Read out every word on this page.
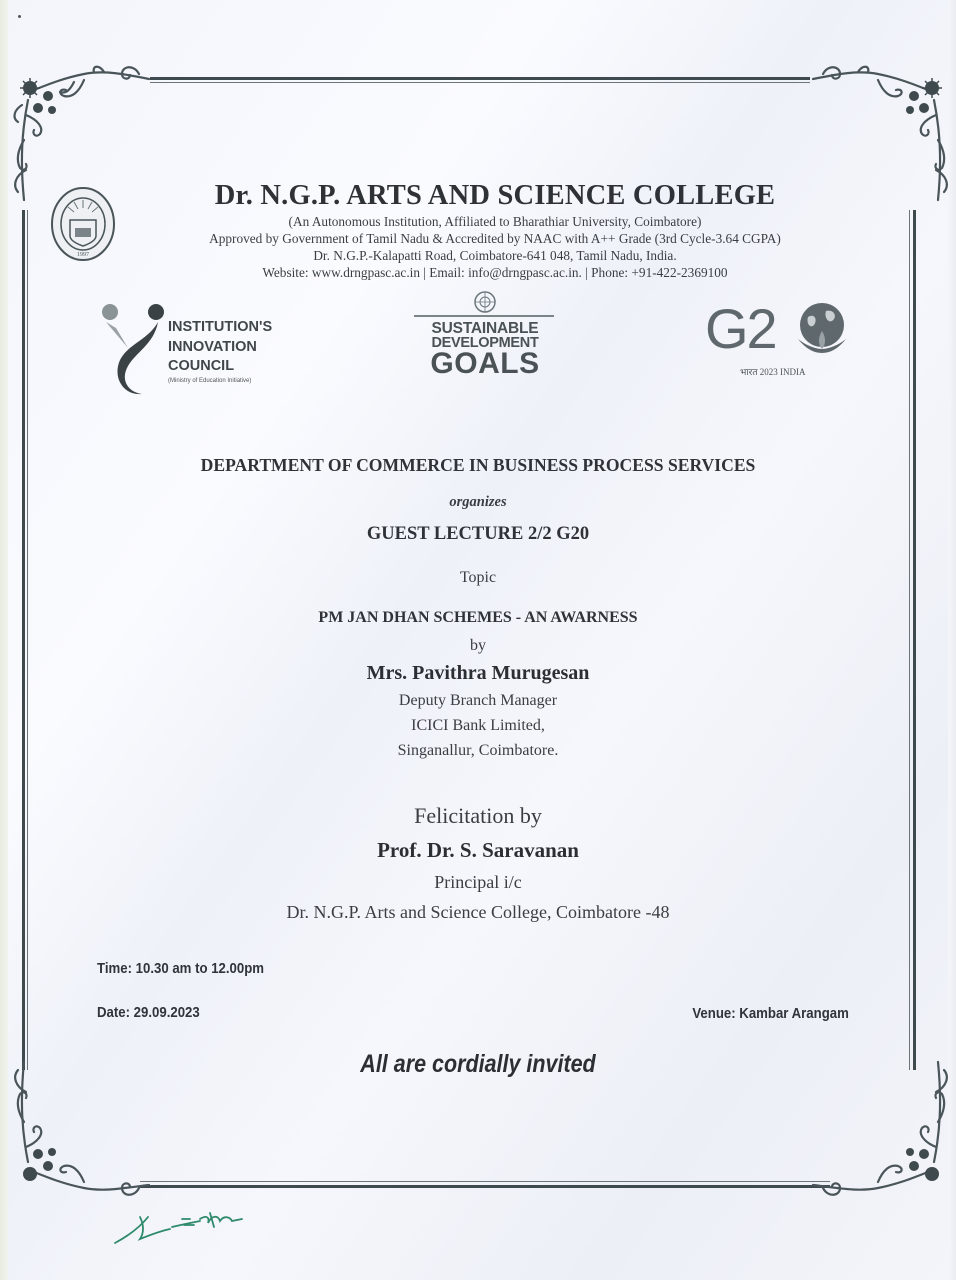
1997
Dr. N.G.P. ARTS AND SCIENCE COLLEGE
(An Autonomous Institution, Affiliated to Bharathiar University, Coimbatore)
Approved by Government of Tamil Nadu & Accredited by NAAC with A++ Grade (3rd Cycle-3.64 CGPA)
Dr. N.G.P.-Kalapatti Road, Coimbatore-641 048, Tamil Nadu, India.
Website: www.drngpasc.ac.in | Email: info@drngpasc.ac.in. | Phone: +91-422-2369100
INSTITUTION'S
INNOVATION
COUNCIL
(Ministry of Education Initiative)
SUSTAINABLE
DEVELOPMENT
GOALS
G2
भारत 2023 INDIA
DEPARTMENT OF COMMERCE IN BUSINESS PROCESS SERVICES
organizes
GUEST LECTURE 2/2 G20
Topic
PM JAN DHAN SCHEMES - AN AWARNESS
by
Mrs. Pavithra Murugesan
Deputy Branch Manager
ICICI Bank Limited,
Singanallur, Coimbatore.
Felicitation by
Prof. Dr. S. Saravanan
Principal i/c
Dr. N.G.P. Arts and Science College, Coimbatore -48
Time: 10.30 am to 12.00pm
Date: 29.09.2023	Venue: Kambar Arangam
All are cordially invited
